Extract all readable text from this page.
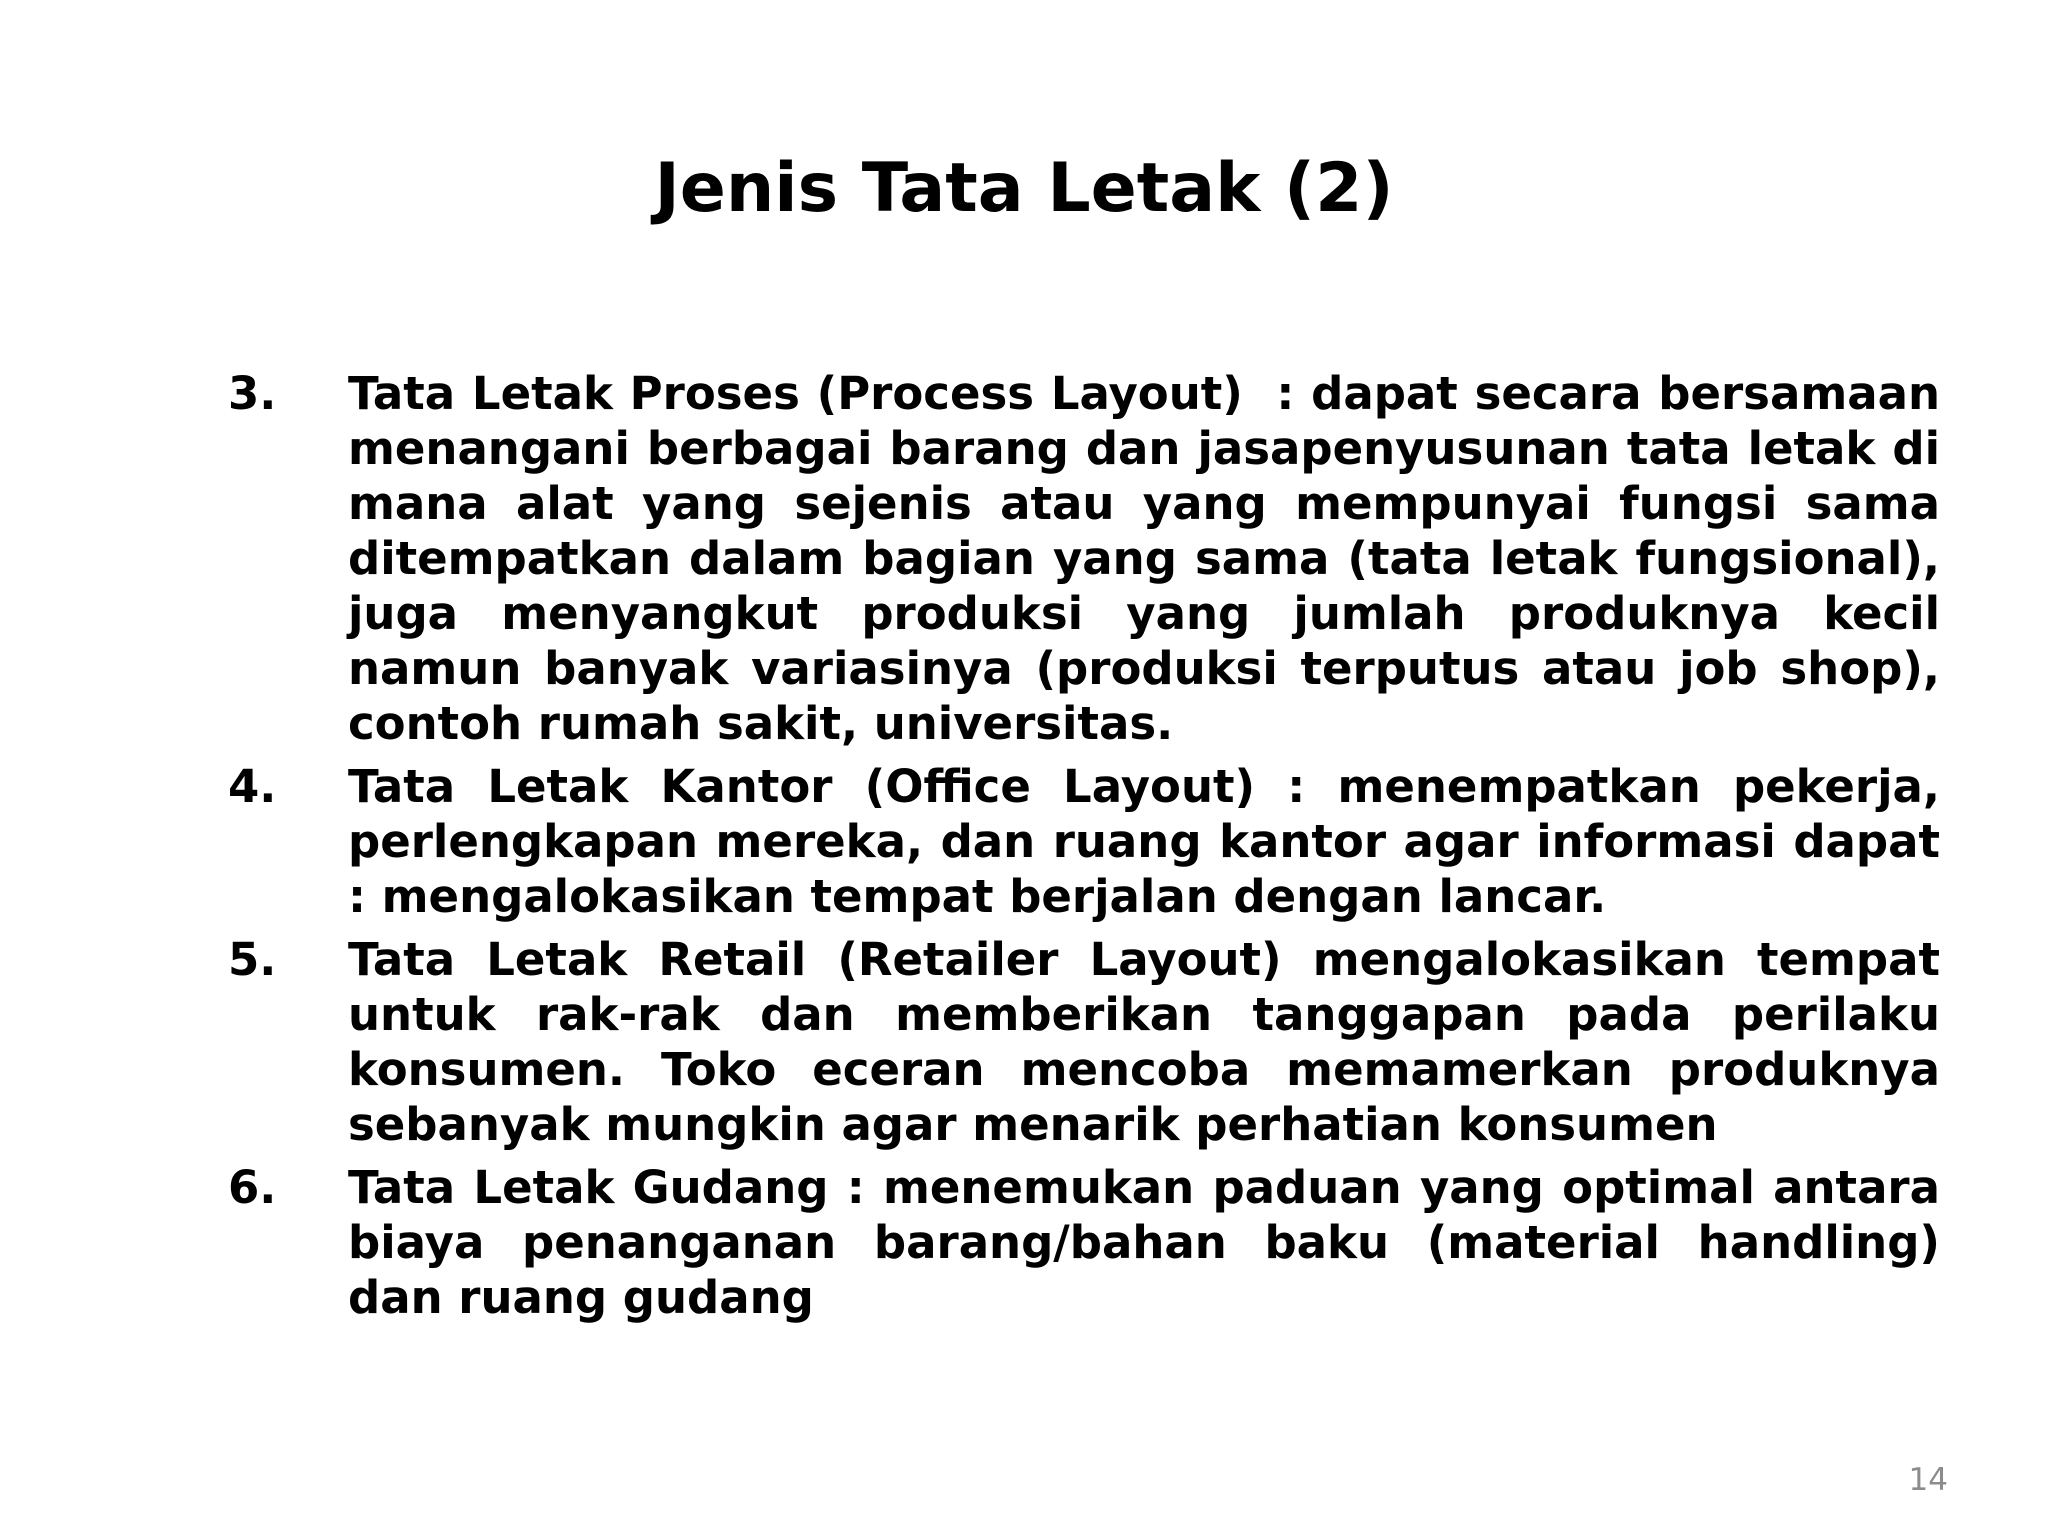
Jenis Tata Letak (2)
3.	Tata Letak Proses (Process Layout)  : dapat secara bersamaan menangani berbagai barang dan jasapenyusunan tata letak di mana alat yang sejenis atau yang mempunyai fungsi sama ditempatkan dalam bagian yang sama (tata letak fungsional), juga menyangkut produksi yang jumlah produknya kecil namun banyak variasinya (produksi terputus atau job shop), contoh rumah sakit, universitas.
4.	Tata Letak Kantor (Office Layout) : menempatkan pekerja, perlengkapan mereka, dan ruang kantor agar informasi dapat : mengalokasikan tempat berjalan dengan lancar.
5.	Tata Letak Retail (Retailer Layout) mengalokasikan tempat untuk rak-rak dan memberikan tanggapan pada perilaku konsumen. Toko eceran mencoba memamerkan produknya sebanyak mungkin agar menarik perhatian konsumen
6.	Tata Letak Gudang : menemukan paduan yang optimal antara biaya penanganan barang/bahan baku (material handling) dan ruang gudang
14
